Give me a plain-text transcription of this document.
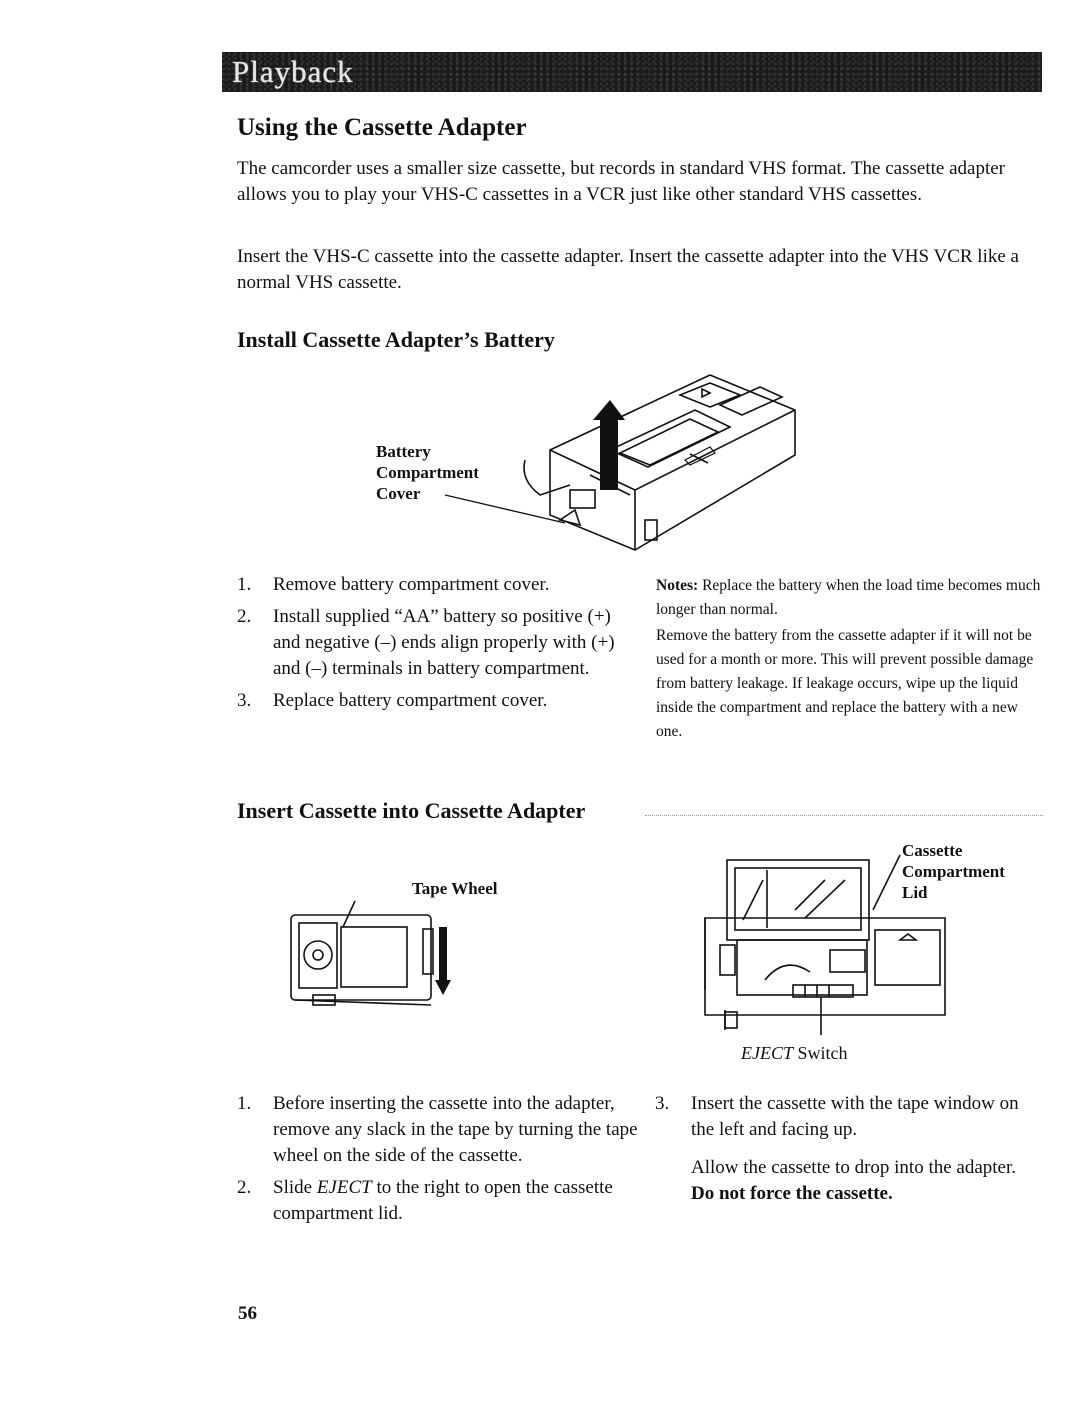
Playback
Using the Cassette Adapter

The camcorder uses a smaller size cassette, but records in standard VHS format. The cassette adapter allows you to play your VHS-C cassettes in a VCR just like other standard VHS cassettes.

Insert the VHS-C cassette into the cassette adapter. Insert the cassette adapter into the VHS VCR like a normal VHS cassette.

Install Cassette Adapter’s Battery
Battery
Compartment
Cover
1.	Remove battery compartment cover.
2.	Install supplied “AA” battery so positive (+) and negative (–) ends align properly with (+) and (–) terminals in battery compartment.
3.	Replace battery compartment cover.
Notes: Replace the battery when the load time becomes much longer than normal.
Remove the battery from the cassette adapter if it will not be used for a month or more. This will prevent possible damage from battery leakage. If leakage occurs, wipe up the liquid inside the compartment and replace the battery with a new one.
Insert Cassette into Cassette Adapter
Tape Wheel
Cassette
Compartment
Lid
EJECT Switch
1.	Before inserting the cassette into the adapter, remove any slack in the tape by turning the tape wheel on the side of the cassette.
2.	Slide EJECT to the right to open the cassette compartment lid.
3.	Insert the cassette with the tape window on the left and facing up.

Allow the cassette to drop into the adapter. Do not force the cassette.

56
